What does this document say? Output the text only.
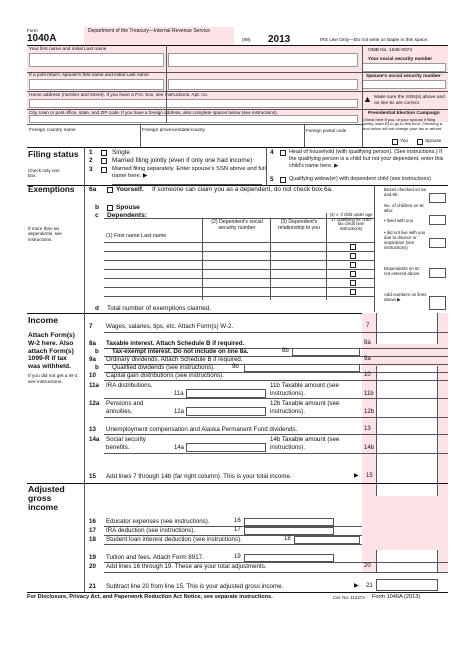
Form
1040A
Department of the Treasury—Internal Revenue Service
(99) 2013	IRS Use Only—Do not write or staple in this space.
Your first name and initial Last name	OMB No. 1545-0074
Your social security number
If a joint return, spouse's first name and initial Last name	Spouse's social security number
Home address (number and street). If you have a P.O. box, see instructions. Apt. no.	▲ Make sure the SSN(s) above and on line 6c are correct.
City, town or post office, state, and ZIP code. If you have a foreign address, also complete spaces below (see instructions).	Presidential Election Campaign
Check here if you, or your spouse if filing jointly, want $3 to go to this fund. Checking a box below will not change your tax or refund.
You	Spouse
Foreign country name	Foreign province/state/county	Foreign postal code
Filing status
Check only one box.
1	Single
2	Married filing jointly (even if only one had income)
3	Married filing separately. Enter spouse's SSN above and full name here. ▶
4	Head of household (with qualifying person). (See instructions.) If the qualifying person is a child but not your dependent, enter this child's name here. ▶
5	Qualifying widow(er) with dependent child (see instructions)
Exemptions
If more than six dependents, see instructions.
6a	Yourself. If someone can claim you as a dependent, do not check box 6a.
b	Spouse
c Dependents:
(1) First name Last name
(2) Dependent's social security number
(3) Dependent's relationship to you
(4) ✔ if child under age 17 qualifying for child tax credit (see instructions)
Boxes checked on 6a and 6b
No. of children on 6c who:
• lived with you
• did not live with you due to divorce or separation (see instructions)
Dependents on 6c not entered above
Add numbers on lines above ▶
d Total number of exemptions claimed.
Income
Attach Form(s) W-2 here. Also attach Form(s) 1099-R if tax was withheld.
If you did not get a W-2, see instructions.
7 Wages, salaries, tips, etc. Attach Form(s) W-2.	7
8a Taxable interest. Attach Schedule B if required.	8a
b Tax-exempt interest. Do not include on line 8a.	8b
9a Ordinary dividends. Attach Schedule B if required.	9a
b Qualified dividends (see instructions).	9b
10 Capital gain distributions (see instructions).	10
11a	IRA distributions.
11a
11b Taxable amount (see instructions).	11b
12a	Pensions and annuities.	12a
12b Taxable amount (see instructions).	12b
13 Unemployment compensation and Alaska Permanent Fund dividends.	13
14a	Social security benefits.	14a
14b Taxable amount (see instructions).	14b
15 Add lines 7 through 14b (far right column). This is your total income.	▶ 15
Adjusted gross income
16 Educator expenses (see instructions).	16
17 IRA deduction (see instructions).	17
18 Student loan interest deduction (see instructions).	18
19 Tuition and fees. Attach Form 8917.	19
20 Add lines 16 through 19. These are your total adjustments.	20
21 Subtract line 20 from line 15. This is your adjusted gross income.	▶ 21
For Disclosure, Privacy Act, and Paperwork Reduction Act Notice, see separate instructions.	Cat. No. 11327A Form 1040A (2013)
